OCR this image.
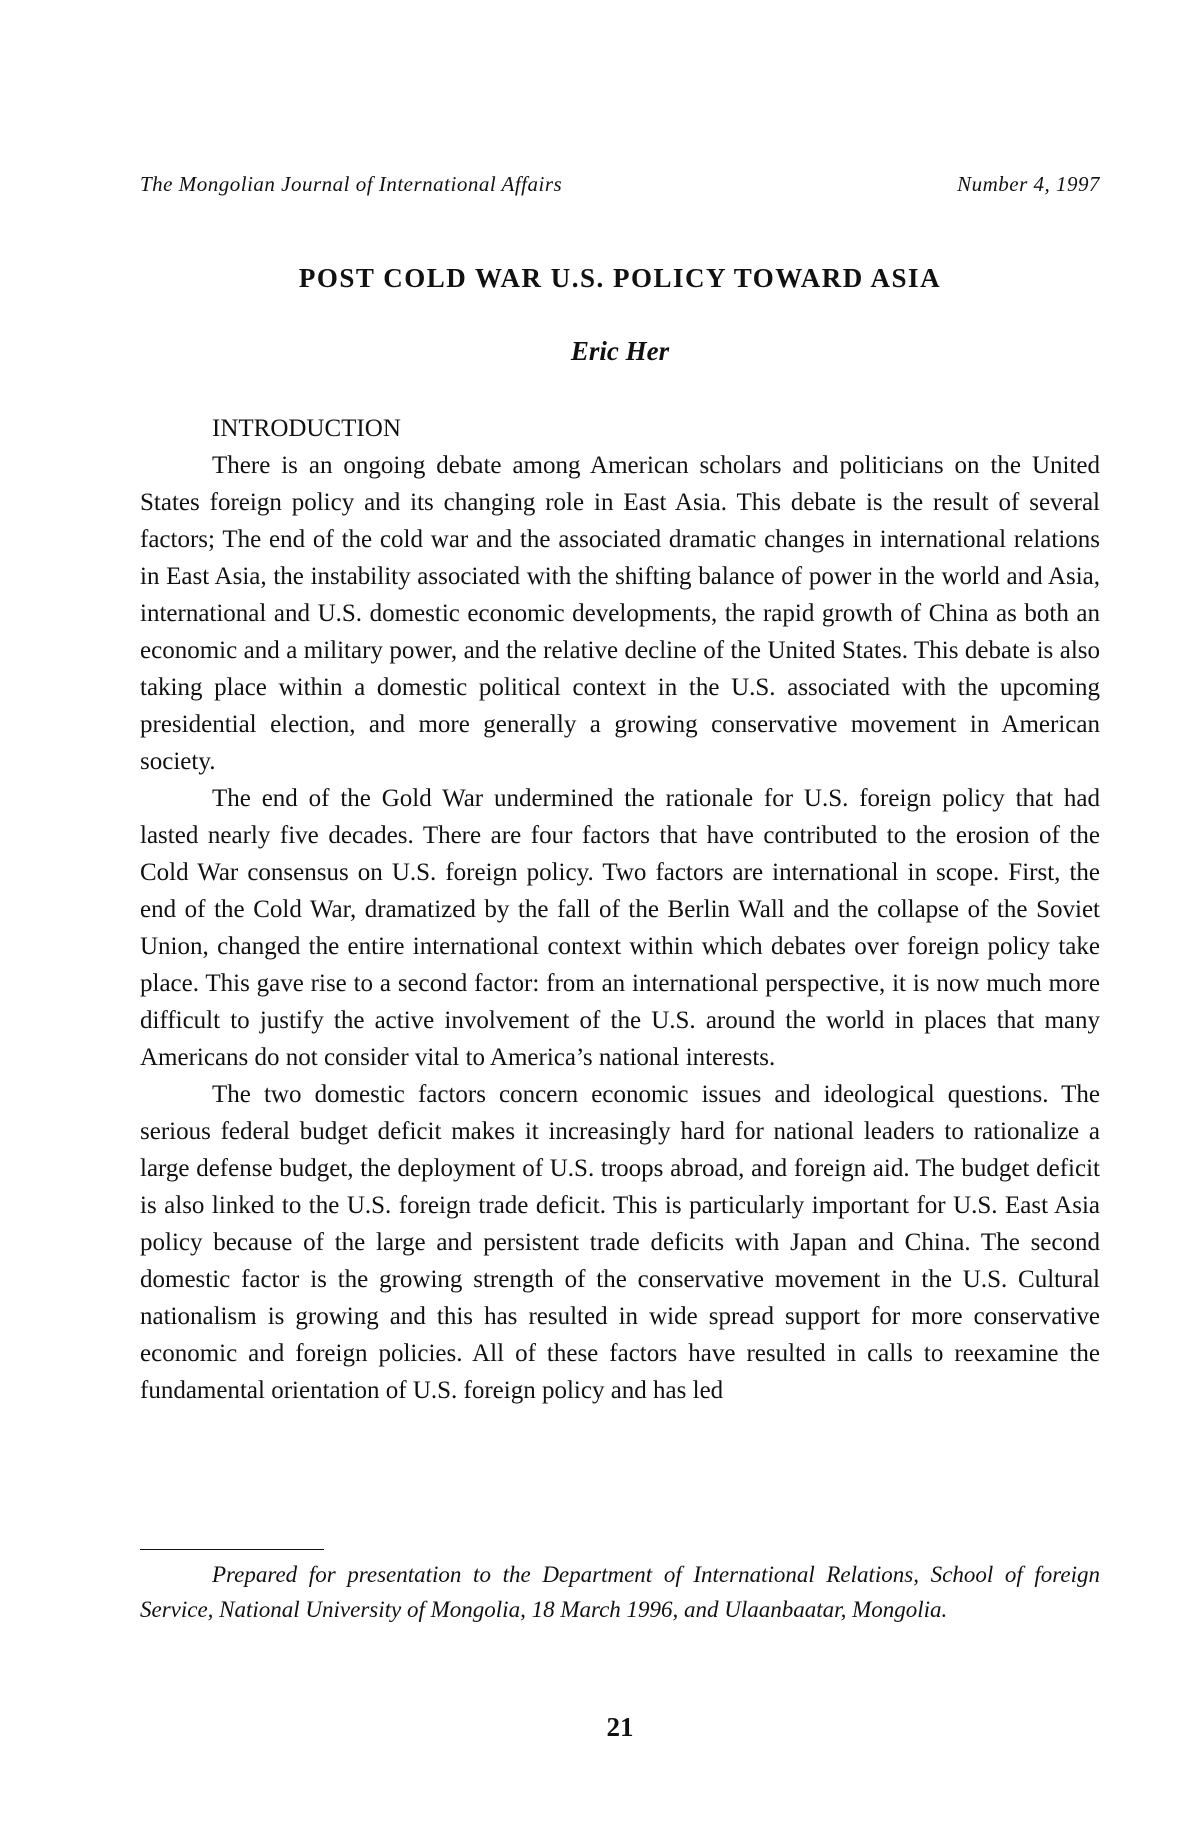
The Mongolian Journal of International Affairs	Number 4, 1997
POST COLD WAR U.S. POLICY TOWARD ASIA
Eric Her
INTRODUCTION

There is an ongoing debate among American scholars and politicians on the United States foreign policy and its changing role in East Asia. This debate is the result of several factors; The end of the cold war and the associated dramatic changes in international relations in East Asia, the instability associated with the shifting balance of power in the world and Asia, international and U.S. domestic economic developments, the rapid growth of China as both an economic and a military power, and the relative decline of the United States. This debate is also taking place within a domestic political context in the U.S. associated with the upcoming presidential election, and more generally a growing conservative movement in American society.

The end of the Gold War undermined the rationale for U.S. foreign policy that had lasted nearly five decades. There are four factors that have contributed to the erosion of the Cold War consensus on U.S. foreign policy. Two factors are international in scope. First, the end of the Cold War, dramatized by the fall of the Berlin Wall and the collapse of the Soviet Union, changed the entire international context within which debates over foreign policy take place. This gave rise to a second factor: from an international perspective, it is now much more difficult to justify the active involvement of the U.S. around the world in places that many Americans do not consider vital to America’s national interests.

The two domestic factors concern economic issues and ideological questions. The serious federal budget deficit makes it increasingly hard for national leaders to rationalize a large defense budget, the deployment of U.S. troops abroad, and foreign aid. The budget deficit is also linked to the U.S. foreign trade deficit. This is particularly important for U.S. East Asia policy because of the large and persistent trade deficits with Japan and China. The second domestic factor is the growing strength of the conservative movement in the U.S. Cultural nationalism is growing and this has resulted in wide spread support for more conservative economic and foreign policies. All of these factors have resulted in calls to reexamine the fundamental orientation of U.S. foreign policy and has led

Prepared for presentation to the Department of International Relations, School of foreign Service, National University of Mongolia, 18 March 1996, and Ulaanbaatar, Mongolia.

21
